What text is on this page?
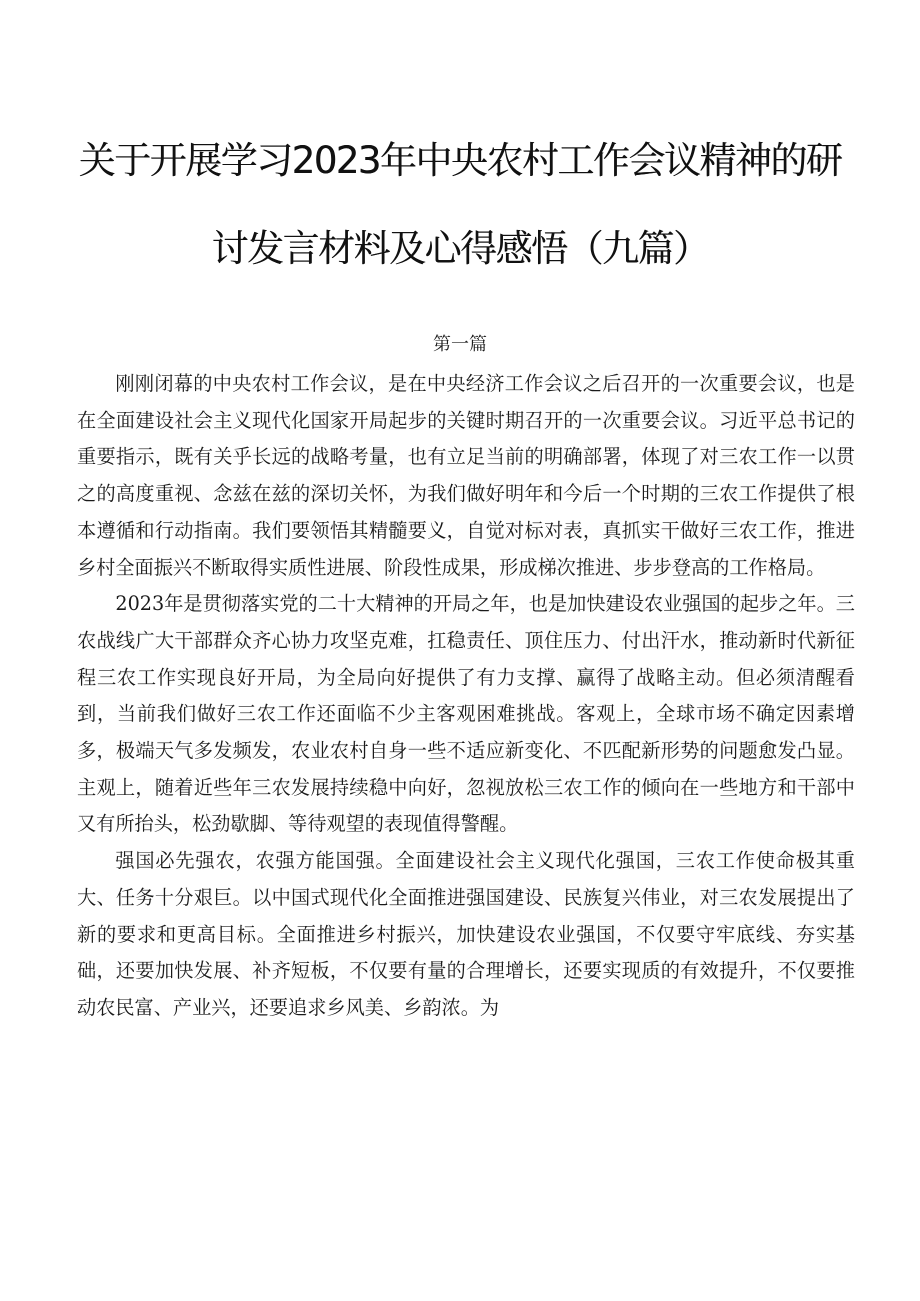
关于开展学习2023年中央农村工作会议精神的研
讨发言材料及心得感悟（九篇）
第一篇

刚刚闭幕的中央农村工作会议，是在中央经济工作会议之后召开的一次重要会议，也是在全面建设社会主义现代化国家开局起步的关键时期召开的一次重要会议。习近平总书记的重要指示，既有关乎长远的战略考量，也有立足当前的明确部署，体现了对三农工作一以贯之的高度重视、念兹在兹的深切关怀，为我们做好明年和今后一个时期的三农工作提供了根本遵循和行动指南。我们要领悟其精髓要义，自觉对标对表，真抓实干做好三农工作，推进乡村全面振兴不断取得实质性进展、阶段性成果，形成梯次推进、步步登高的工作格局。

2023年是贯彻落实党的二十大精神的开局之年，也是加快建设农业强国的起步之年。三农战线广大干部群众齐心协力攻坚克难，扛稳责任、顶住压力、付出汗水，推动新时代新征程三农工作实现良好开局，为全局向好提供了有力支撑、赢得了战略主动。但必须清醒看到，当前我们做好三农工作还面临不少主客观困难挑战。客观上，全球市场不确定因素增多，极端天气多发频发，农业农村自身一些不适应新变化、不匹配新形势的问题愈发凸显。主观上，随着近些年三农发展持续稳中向好，忽视放松三农工作的倾向在一些地方和干部中又有所抬头，松劲歇脚、等待观望的表现值得警醒。

强国必先强农，农强方能国强。全面建设社会主义现代化强国，三农工作使命极其重大、任务十分艰巨。以中国式现代化全面推进强国建设、民族复兴伟业，对三农发展提出了新的要求和更高目标。全面推进乡村振兴，加快建设农业强国，不仅要守牢底线、夯实基础，还要加快发展、补齐短板，不仅要有量的合理增长，还要实现质的有效提升，不仅要推动农民富、产业兴，还要追求乡风美、乡韵浓。为
